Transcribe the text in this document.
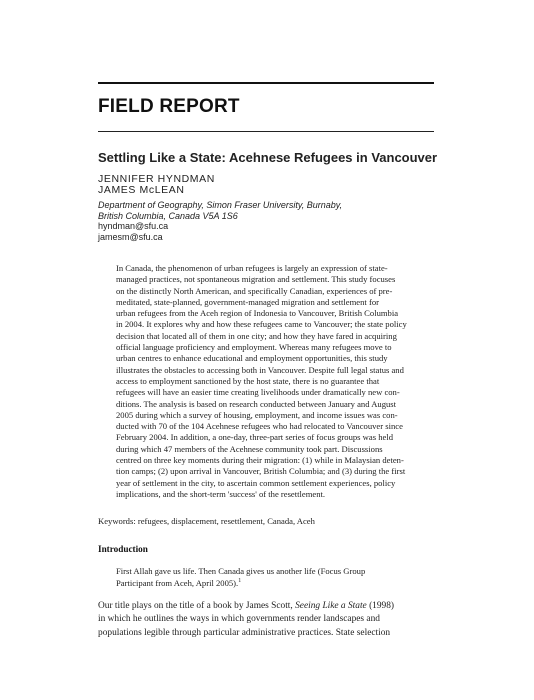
FIELD REPORT
Settling Like a State: Acehnese Refugees in Vancouver
JENNIFER HYNDMAN
JAMES McLEAN
Department of Geography, Simon Fraser University, Burnaby,
British Columbia, Canada V5A 1S6
hyndman@sfu.ca
jamesm@sfu.ca
In Canada, the phenomenon of urban refugees is largely an expression of state-
managed practices, not spontaneous migration and settlement. This study focuses
on the distinctly North American, and specifically Canadian, experiences of pre-
meditated, state-planned, government-managed migration and settlement for
urban refugees from the Aceh region of Indonesia to Vancouver, British Columbia
in 2004. It explores why and how these refugees came to Vancouver; the state policy
decision that located all of them in one city; and how they have fared in acquiring
official language proficiency and employment. Whereas many refugees move to
urban centres to enhance educational and employment opportunities, this study
illustrates the obstacles to accessing both in Vancouver. Despite full legal status and
access to employment sanctioned by the host state, there is no guarantee that
refugees will have an easier time creating livelihoods under dramatically new con-
ditions. The analysis is based on research conducted between January and August
2005 during which a survey of housing, employment, and income issues was con-
ducted with 70 of the 104 Acehnese refugees who had relocated to Vancouver since
February 2004. In addition, a one-day, three-part series of focus groups was held
during which 47 members of the Acehnese community took part. Discussions
centred on three key moments during their migration: (1) while in Malaysian deten-
tion camps; (2) upon arrival in Vancouver, British Columbia; and (3) during the first
year of settlement in the city, to ascertain common settlement experiences, policy
implications, and the short-term 'success' of the resettlement.
Keywords: refugees, displacement, resettlement, Canada, Aceh
Introduction
First Allah gave us life. Then Canada gives us another life (Focus Group
Participant from Aceh, April 2005).$^1$
Our title plays on the title of a book by James Scott, Seeing Like a State (1998)
in which he outlines the ways in which governments render landscapes and
populations legible through particular administrative practices. State selection
